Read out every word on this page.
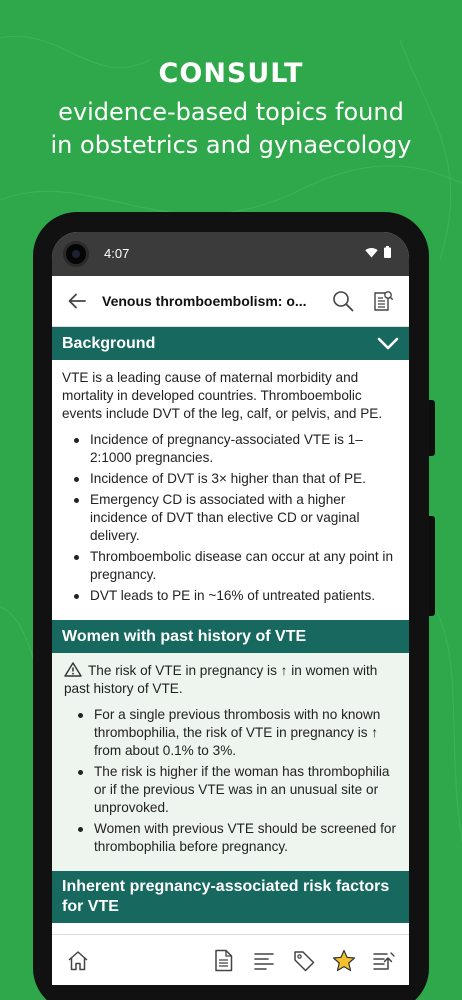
CONSULT
evidence-based topics found
in obstetrics and gynaecology
4:07
Venous thromboembolism: o...
Background

VTE is a leading cause of maternal morbidity and mortality in developed countries. Thromboembolic events include DVT of the leg, calf, or pelvis, and PE.

Incidence of pregnancy-associated VTE is 1–2:1000 pregnancies.
Incidence of DVT is 3× higher than that of PE.
Emergency CD is associated with a higher incidence of DVT than elective CD or vaginal delivery.
Thromboembolic disease can occur at any point in pregnancy.
DVT leads to PE in ~16% of untreated patients.
Women with past history of VTE

The risk of VTE in pregnancy is ↑ in women with past history of VTE.

For a single previous thrombosis with no known thrombophilia, the risk of VTE in pregnancy is ↑ from about 0.1% to 3%.
The risk is higher if the woman has thrombophilia or if the previous VTE was in an unusual site or unprovoked.
Women with previous VTE should be screened for thrombophilia before pregnancy.
Inherent pregnancy-associated risk factors for VTE
